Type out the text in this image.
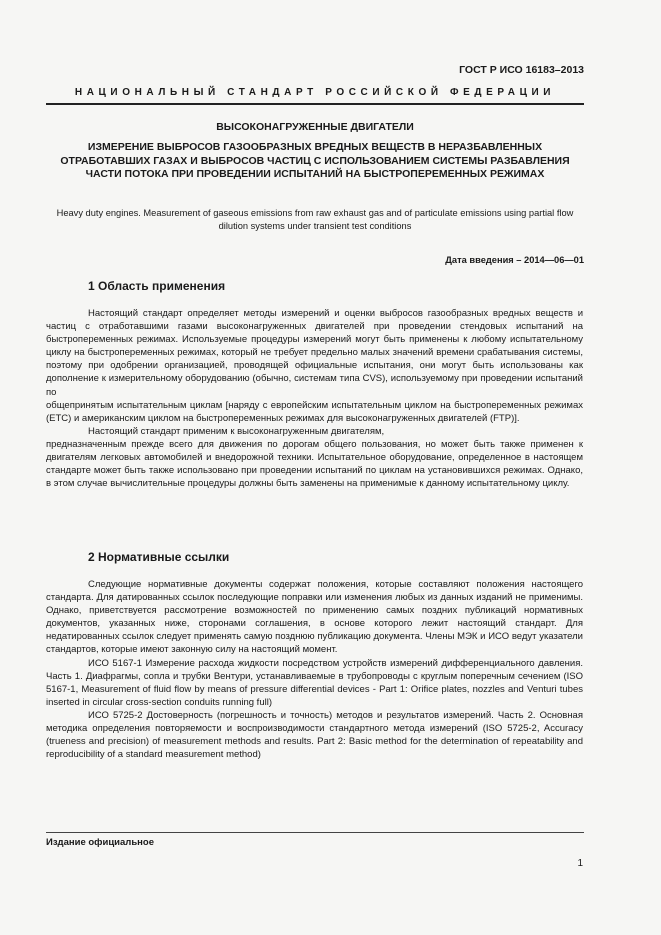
ГОСТ Р ИСО 16183–2013
НАЦИОНАЛЬНЫЙ СТАНДАРТ РОССИЙСКОЙ ФЕДЕРАЦИИ
ВЫСОКОНАГРУЖЕННЫЕ ДВИГАТЕЛИ
ИЗМЕРЕНИЕ ВЫБРОСОВ ГАЗООБРАЗНЫХ ВРЕДНЫХ ВЕЩЕСТВ В НЕРАЗБАВЛЕННЫХ ОТРАБОТАВШИХ ГАЗАХ И ВЫБРОСОВ ЧАСТИЦ С ИСПОЛЬЗОВАНИЕМ СИСТЕМЫ РАЗБАВЛЕНИЯ ЧАСТИ ПОТОКА ПРИ ПРОВЕДЕНИИ ИСПЫТАНИЙ НА БЫСТРОПЕРЕМЕННЫХ РЕЖИМАХ
Heavy duty engines. Measurement of gaseous emissions from raw exhaust gas and of particulate emissions using partial flow dilution systems under transient test conditions
Дата введения – 2014—06—01
1 Область применения

Настоящий стандарт определяет методы измерений и оценки выбросов газообразных вредных веществ и частиц с отработавшими газами высоконагруженных двигателей при проведении стендовых испытаний на быстропеременных режимах. Используемые процедуры измерений могут быть применены к любому испытательному циклу на быстропеременных режимах, который не требует предельно малых значений времени срабатывания системы, поэтому при одобрении организацией, проводящей официальные испытания, они могут быть использованы как дополнение к измерительному оборудованию (обычно, системам типа CVS), используемому при проведении испытаний по

общепринятым испытательным циклам [наряду с европейским испытательным циклом на быстропеременных режимах (ETC) и американским циклом на быстропеременных режимах для высоконагруженных двигателей (FTP)].

Настоящий стандарт применим к высоконагруженным двигателям,

предназначенным прежде всего для движения по дорогам общего пользования, но может быть также применен к двигателям легковых автомобилей и внедорожной техники. Испытательное оборудование, определенное в настоящем стандарте может быть также использовано при проведении испытаний по циклам на установившихся режимах. Однако, в этом случае вычислительные процедуры должны быть заменены на применимые к данному испытательному циклу.

2 Нормативные ссылки

Следующие нормативные документы содержат положения, которые составляют положения настоящего стандарта. Для датированных ссылок последующие поправки или изменения любых из данных изданий не применимы. Однако, приветствуется рассмотрение возможностей по применению самых поздних публикаций нормативных документов, указанных ниже, сторонами соглашения, в основе которого лежит настоящий стандарт. Для недатированных ссылок следует применять самую позднюю публикацию документа. Члены МЭК и ИСО ведут указатели стандартов, которые имеют законную силу на настоящий момент.

ИСО 5167-1 Измерение расхода жидкости посредством устройств измерений дифференциального давления. Часть 1. Диафрагмы, сопла и трубки Вентури, устанавливаемые в трубопроводы с круглым поперечным сечением (ISO 5167-1, Measurement of fluid flow by means of pressure differential devices - Part 1: Orifice plates, nozzles and Venturi tubes inserted in circular cross-section conduits running full)

ИСО 5725-2 Достоверность (погрешность и точность) методов и результатов измерений. Часть 2. Основная методика определения повторяемости и воспроизводимости стандартного метода измерений (ISO 5725-2, Accuracy (trueness and precision) of measurement methods and results. Part 2: Basic method for the determination of repeatability and reproducibility of a standard measurement method)

Издание официальное
1
